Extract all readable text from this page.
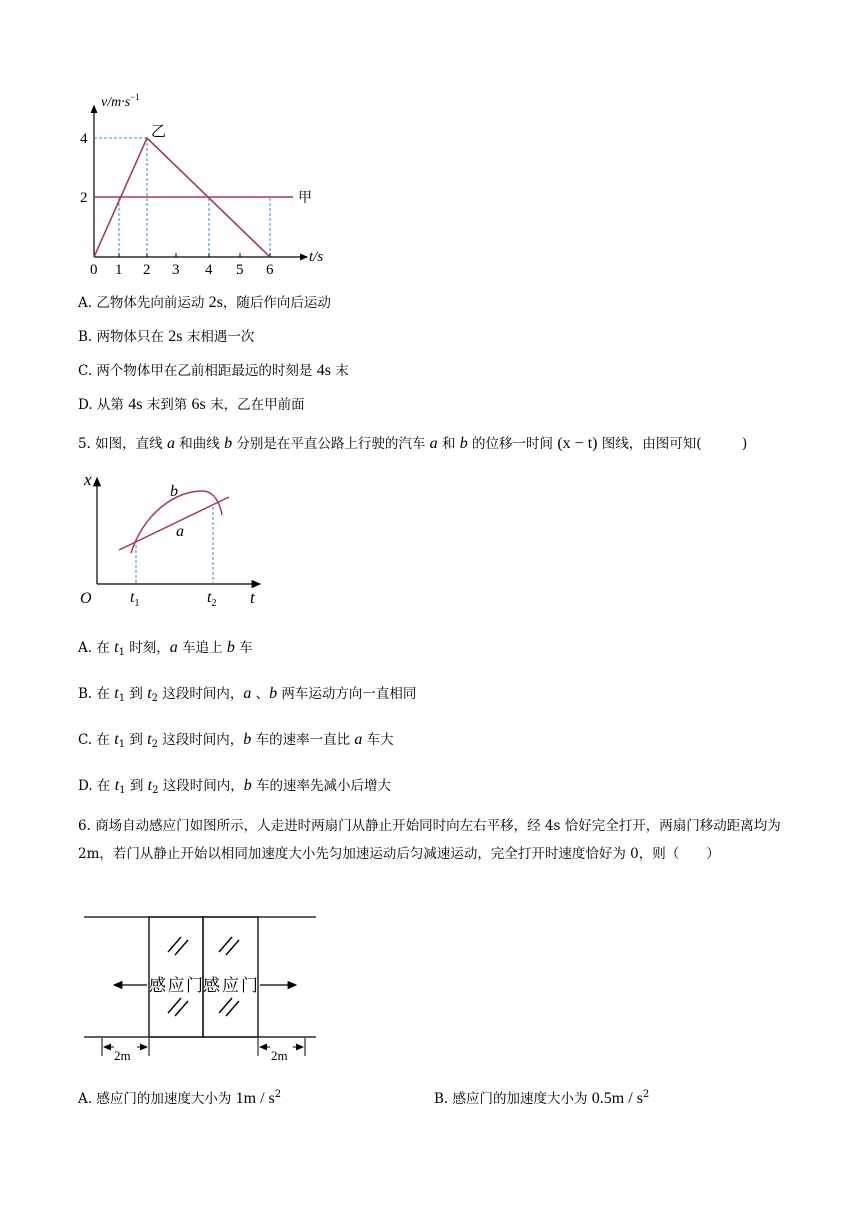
4
2
0 1 2 3 4 5 6
$v/m\cdot s^{-1}$
t/s
乙
甲
A. 乙物体先向前运动 2s，随后作向后运动
B. 两物体只在 2s 末相遇一次
C. 两个物体甲在乙前相距最远的时刻是 4s 末
D. 从第 4s 末到第 6s 末，乙在甲前面
5. 如图，直线 a 和曲线 b 分别是在平直公路上行驶的汽车 a 和 b 的位移一时间 (x − t) 图线，由图可知(　　　)
x
O	t
$t_1$	$t_2$
b
a
A. 在 $t_1$ 时刻，a 车追上 b 车
B. 在 $t_1$ 到 $t_2$ 这段时间内，a 、b 两车运动方向一直相同
C. 在 $t_1$ 到 $t_2$ 这段时间内，b 车的速率一直比 a 车大
D. 在 $t_1$ 到 $t_2$ 这段时间内，b 车的速率先减小后增大
6. 商场自动感应门如图所示，人走进时两扇门从静止开始同时向左右平移，经 4s 恰好完全打开，两扇门移动距离均为 2m，若门从静止开始以相同加速度大小先匀加速运动后匀减速运动，完全打开时速度恰好为 0，则（　　）
感应门 感应门
2m	2m
A. 感应门的加速度大小为 $1m / s^2$	B. 感应门的加速度大小为 $0.5m / s^2$
